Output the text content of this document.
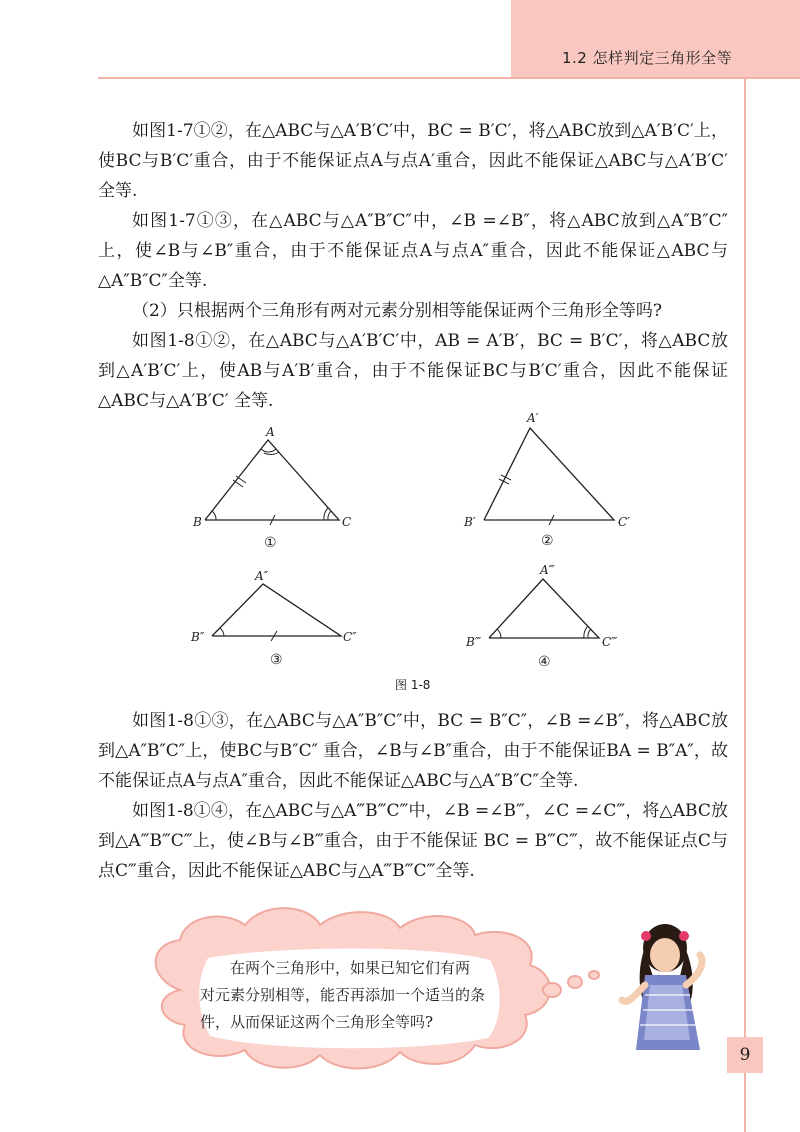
1.2 怎样判定三角形全等

如图1-7①②，在△ABC与△A′B′C′中，BC = B′C′，将△ABC放到△A′B′C′上，使BC与B′C′重合，由于不能保证点A与点A′重合，因此不能保证△ABC与△A′B′C′ 全等.

如图1-7①③，在△ABC与△A″B″C″中，∠B =∠B″，将△ABC放到△A″B″C″上，使∠B与∠B″重合，由于不能保证点A与点A″重合，因此不能保证△ABC与△A″B″C″全等.

（2）只根据两个三角形有两对元素分别相等能保证两个三角形全等吗?

如图1-8①②，在△ABC与△A′B′C′中，AB = A′B′，BC = B′C′，将△ABC放到△A′B′C′上，使AB与A′B′重合，由于不能保证BC与B′C′重合，因此不能保证△ABC与△A′B′C′ 全等.

A
B	C
①
A′
B′	C′
②
A″
B″	C″
③
A‴
B‴	C‴
④
图 1-8

如图1-8①③，在△ABC与△A″B″C″中，BC = B″C″，∠B =∠B″，将△ABC放到△A″B″C″上，使BC与B″C″ 重合，∠B与∠B″重合，由于不能保证BA = B″A″，故不能保证点A与点A″重合，因此不能保证△ABC与△A″B″C″全等.

如图1-8①④，在△ABC与△A‴B‴C‴中，∠B =∠B‴，∠C =∠C‴，将△ABC放到△A‴B‴C‴上，使∠B与∠B‴重合，由于不能保证 BC = B‴C‴，故不能保证点C与点C‴重合，因此不能保证△ABC与△A‴B‴C‴全等.

在两个三角形中，如果已知它们有两

对元素分别相等，能否再添加一个适当的条

件，从而保证这两个三角形全等吗?

9
